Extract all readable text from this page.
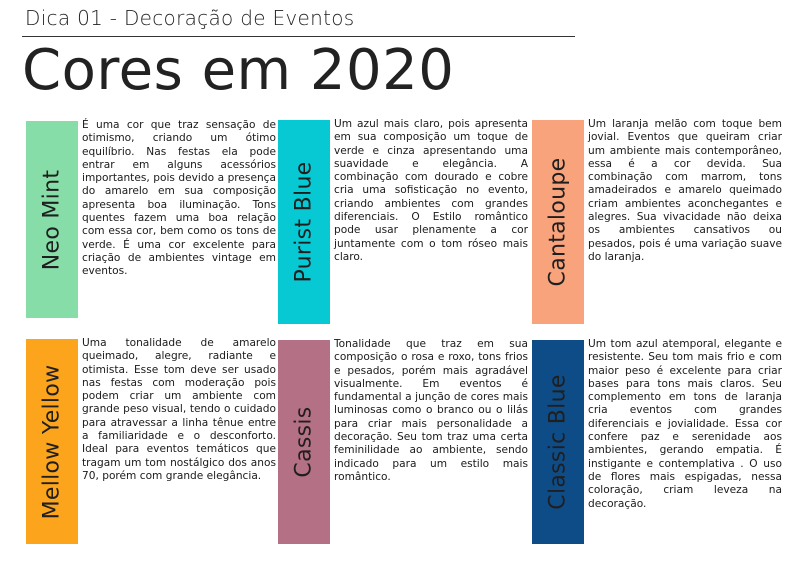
Dica 01 - Decoração de Eventos
Cores em 2020
Neo Mint
É uma cor que traz sensação de otimismo, criando um ótimo equilíbrio. Nas festas ela pode entrar em alguns acessórios importantes, pois devido a presença do amarelo em sua composição apresenta boa iluminação. Tons quentes fazem uma boa relação com essa cor, bem como os tons de verde. É uma cor excelente para criação de ambientes vintage em eventos.	Purist Blue
Um azul mais claro, pois apresenta em sua composição um toque de verde e cinza apresentando uma suavidade e elegância. A combinação com dourado e cobre cria uma sofisticação no evento, criando ambientes com grandes diferenciais. O Estilo romântico pode usar plenamente a cor juntamente com o tom róseo mais claro.	Cantaloupe
Um laranja melão com toque bem jovial. Eventos que queiram criar um ambiente mais contemporâneo, essa é a cor devida. Sua combinação com marrom, tons amadeirados e amarelo queimado criam ambientes aconchegantes e alegres. Sua vivacidade não deixa os ambientes cansativos ou pesados, pois é uma variação suave do laranja.
Mellow Yellow
Uma tonalidade de amarelo queimado, alegre, radiante e otimista. Esse tom deve ser usado nas festas com moderação pois podem criar um ambiente com grande peso visual, tendo o cuidado para atravessar a linha tênue entre a familiaridade e o desconforto. Ideal para eventos temáticos que tragam um tom nostálgico dos anos 70, porém com grande elegância.	Cassis
Tonalidade que traz em sua composição o rosa e roxo, tons frios e pesados, porém mais agradável visualmente. Em eventos é fundamental a junção de cores mais luminosas como o branco ou o lilás para criar mais personalidade a decoração. Seu tom traz uma certa feminilidade ao ambiente, sendo indicado para um estilo mais romântico.	Classic Blue
Um tom azul atemporal, elegante e resistente. Seu tom mais frio e com maior peso é excelente para criar bases para tons mais claros. Seu complemento em tons de laranja cria eventos com grandes diferenciais e jovialidade. Essa cor confere paz e serenidade aos ambientes, gerando empatia. É instigante e contemplativa . O uso de flores mais espigadas, nessa coloração, criam leveza na decoração.
